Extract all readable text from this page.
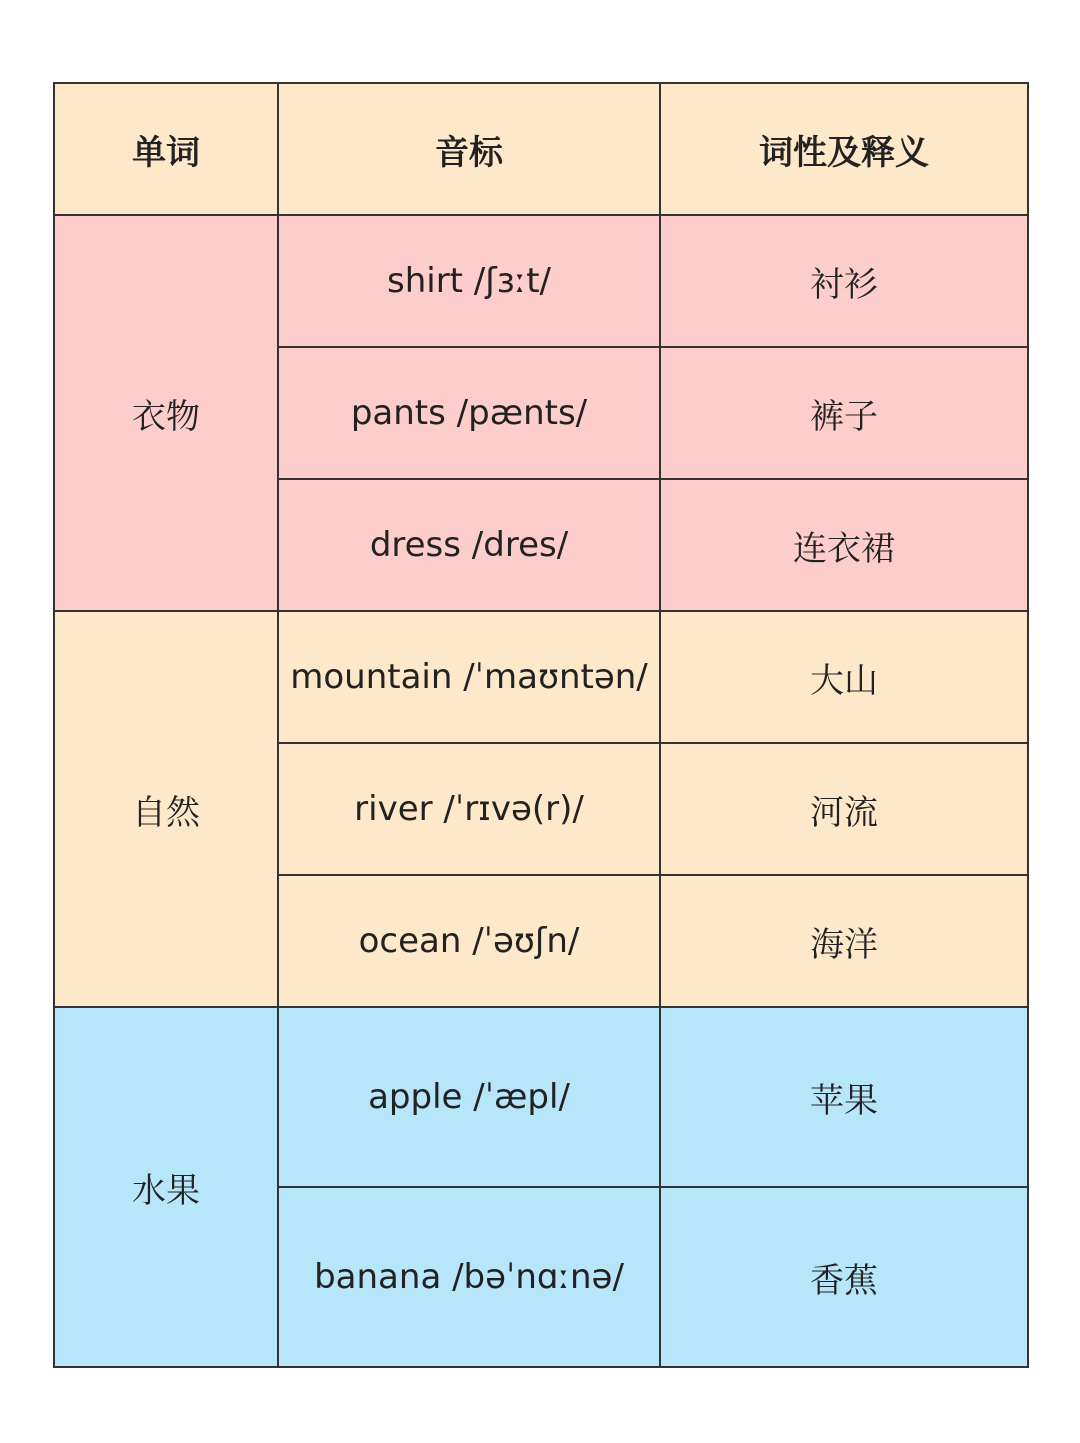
单词	音标	词性及释义
衣物	shirt /ʃɜːt/	衬衫
	pants /pænts/	裤子
	dress /dres/	连衣裙
自然	mountain /ˈmaʊntən/	大山
	river /ˈrɪvə(r)/	河流
	ocean /ˈəʊʃn/	海洋
水果	apple /ˈæpl/	苹果
	banana /bəˈnɑːnə/	香蕉
